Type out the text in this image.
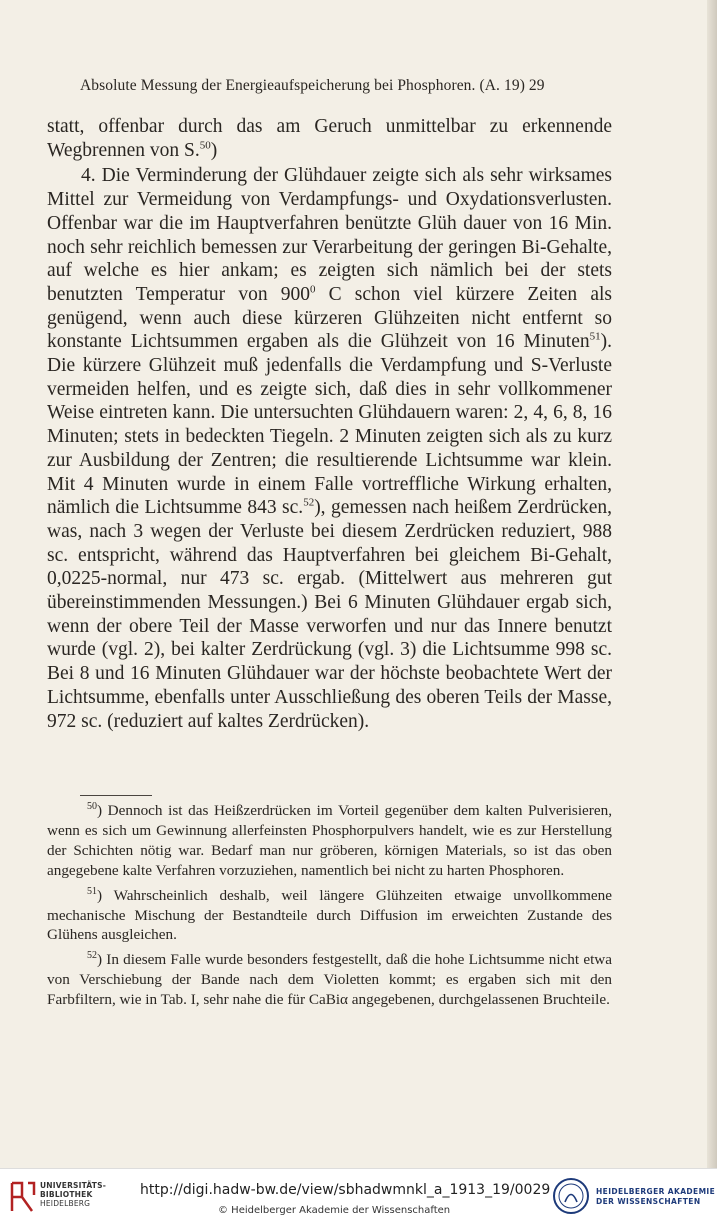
Absolute Messung der Energieaufspeicherung bei Phosphoren. (A. 19) 29

statt, offenbar durch das am Geruch unmittelbar zu erkennende Wegbrennen von S.$^{50}$)

4. Die Verminderung der Glühdauer zeigte sich als sehr wirksames Mittel zur Vermeidung von Verdampfungs- und Oxydationsverlusten. Offenbar war die im Hauptverfahren benützte Glüh dauer von 16 Min. noch sehr reichlich bemessen zur Verarbeitung der geringen Bi-Gehalte, auf welche es hier ankam; es zeigten sich nämlich bei der stets benutzten Temperatur von $900^0$ C schon viel kürzere Zeiten als genügend, wenn auch diese kürzeren Glühzeiten nicht entfernt so konstante Lichtsummen ergaben als die Glühzeit von 16 Minuten$^{51}$). Die kürzere Glühzeit muß jedenfalls die Verdampfung und S-Verluste vermeiden helfen, und es zeigte sich, daß dies in sehr vollkommener Weise eintreten kann. Die untersuchten Glühdauern waren: 2, 4, 6, 8, 16 Minuten; stets in bedeckten Tiegeln. 2 Minuten zeigten sich als zu kurz zur Ausbildung der Zentren; die resultierende Lichtsumme war klein. Mit 4 Minuten wurde in einem Falle vortreffliche Wirkung erhalten, nämlich die Lichtsumme 843 sc.$^{52}$), gemessen nach heißem Zerdrücken, was, nach 3 wegen der Verluste bei diesem Zerdrücken reduziert, 988 sc. entspricht, während das Hauptverfahren bei gleichem Bi-Gehalt, 0,0225-normal, nur 473 sc. ergab. (Mittelwert aus mehreren gut übereinstimmenden Messungen.) Bei 6 Minuten Glühdauer ergab sich, wenn der obere Teil der Masse verworfen und nur das Innere benutzt wurde (vgl. 2), bei kalter Zerdrückung (vgl. 3) die Lichtsumme 998 sc. Bei 8 und 16 Minuten Glühdauer war der höchste beobachtete Wert der Lichtsumme, ebenfalls unter Ausschließung des oberen Teils der Masse, 972 sc. (reduziert auf kaltes Zerdrücken).

$^{50}$) Dennoch ist das Heißzerdrücken im Vorteil gegenüber dem kalten Pulverisieren, wenn es sich um Gewinnung allerfeinsten Phosphorpulvers handelt, wie es zur Herstellung der Schichten nötig war. Bedarf man nur gröberen, körnigen Materials, so ist das oben angegebene kalte Verfahren vorzuziehen, namentlich bei nicht zu harten Phosphoren.

$^{51}$) Wahrscheinlich deshalb, weil längere Glühzeiten etwaige unvollkommene mechanische Mischung der Bestandteile durch Diffusion im erweichten Zustande des Glühens ausgleichen.

$^{52}$) In diesem Falle wurde besonders festgestellt, daß die hohe Lichtsumme nicht etwa von Verschiebung der Bande nach dem Violetten kommt; es ergaben sich mit den Farbfiltern, wie in Tab. I, sehr nahe die für CaBiα angegebenen, durchgelassenen Bruchteile.

UNIVERSITÄTS-
BIBLIOTHEK
HEIDELBERG
http://digi.hadw-bw.de/view/sbhadwmnkl_a_1913_19/0029
© Heidelberger Akademie der Wissenschaften
HEIDELBERGER AKADEMIE
DER WISSENSCHAFTEN
